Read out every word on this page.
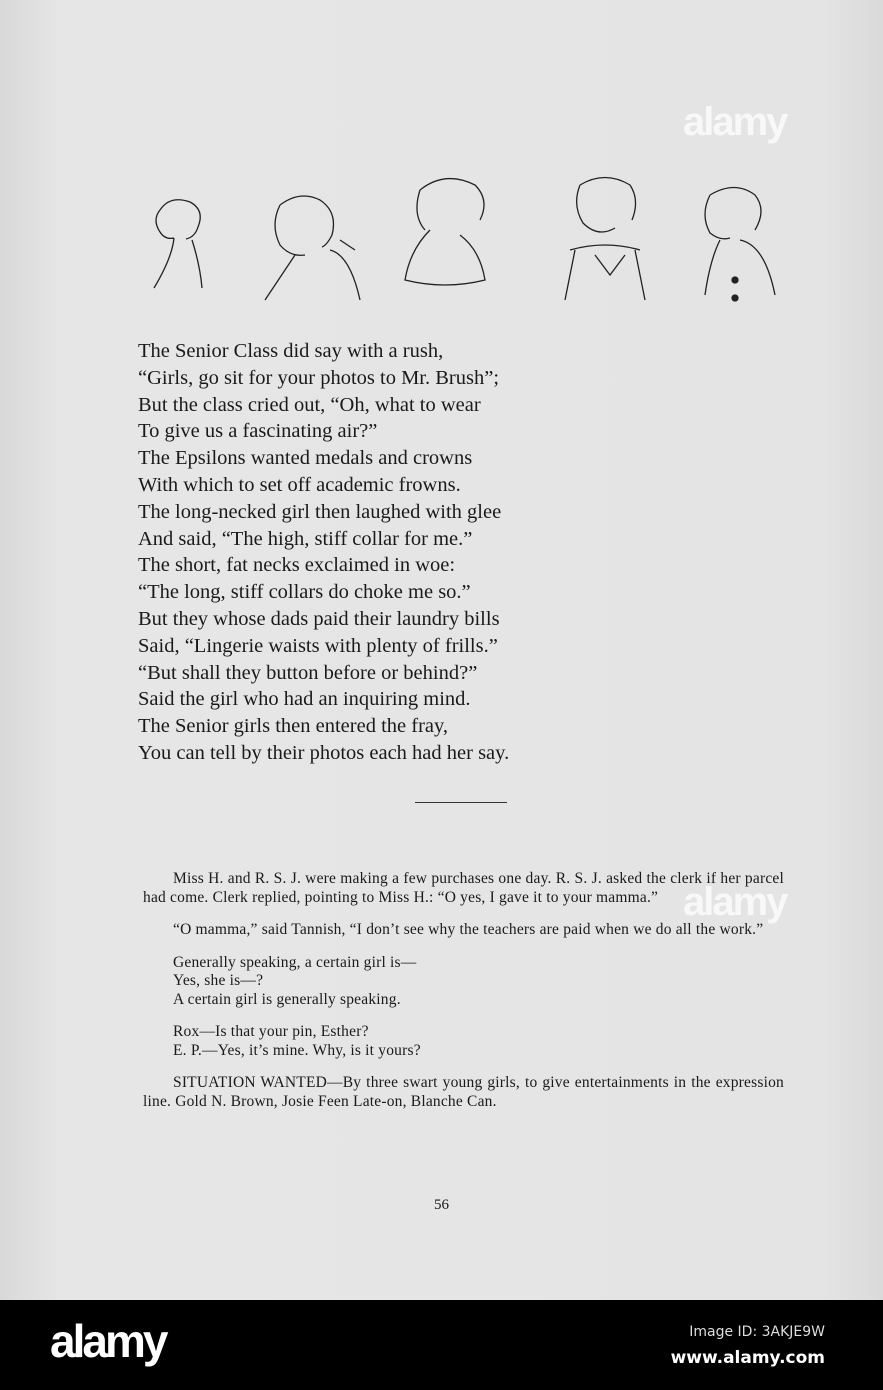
The Senior Class did say with a rush,
“Girls, go sit for your photos to Mr. Brush”;
But the class cried out, “Oh, what to wear
To give us a fascinating air?”
The Epsilons wanted medals and crowns
With which to set off academic frowns.
The long-necked girl then laughed with glee
And said, “The high, stiff collar for me.”
The short, fat necks exclaimed in woe:
“The long, stiff collars do choke me so.”
But they whose dads paid their laundry bills
Said, “Lingerie waists with plenty of frills.”
“But shall they button before or behind?”
Said the girl who had an inquiring mind.
The Senior girls then entered the fray,
You can tell by their photos each had her say.

Miss H. and R. S. J. were making a few purchases one day. R. S. J. asked the clerk if her parcel had come. Clerk replied, pointing to Miss H.: “O yes, I gave it to your mamma.”

“O mamma,” said Tannish, “I don’t see why the teachers are paid when we do all the work.”

Generally speaking, a certain girl is—
Yes, she is—?
A certain girl is generally speaking.
Rox—Is that your pin, Esther?
E. P.—Yes, it’s mine. Why, is it yours?

SITUATION WANTED—By three swart young girls, to give entertainments in the expression line. Gold N. Brown, Josie Feen Late-on, Blanche Can.

56
alamy
alamy
alamy	Image ID: 3AKJE9W
www.alamy.com
